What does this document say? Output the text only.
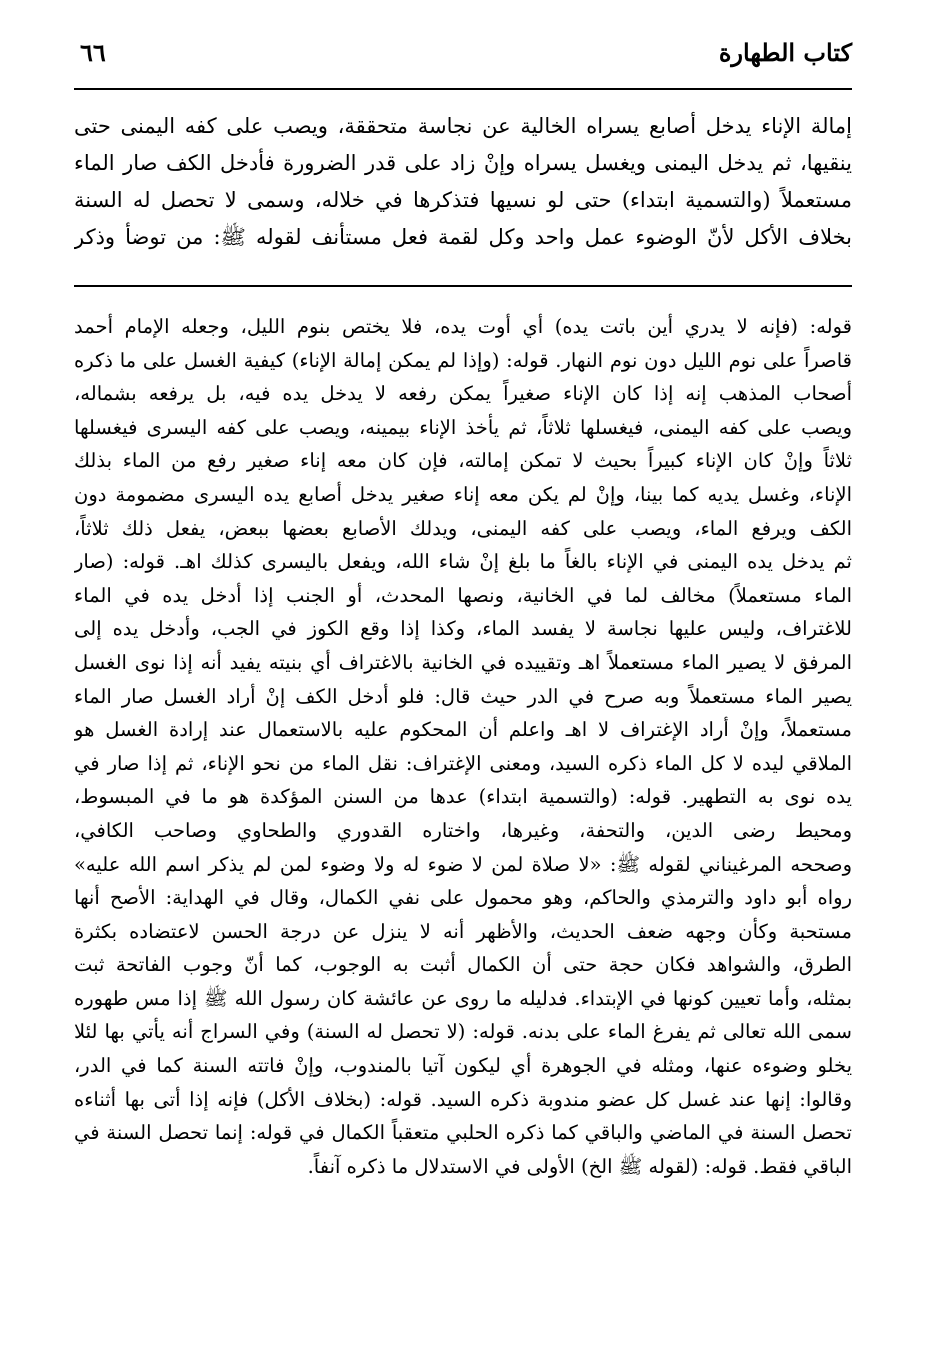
كتاب الطهارة
٦٦
إمالة الإناء يدخل أصابع يسراه الخالية عن نجاسة متحققة، ويصب على كفه اليمنى حتى
ينقيها، ثم يدخل اليمنى ويغسل يسراه وإنْ زاد على قدر الضرورة فأدخل الكف صار الماء
مستعملاً (والتسمية ابتداء) حتى لو نسيها فتذكرها في خلاله، وسمى لا تحصل له السنة
بخلاف الأكل لأنّ الوضوء عمل واحد وكل لقمة فعل مستأنف لقوله ﷺ: من توضأ وذكر
قوله: (فإنه لا يدري أين باتت يده) أي أوت يده، فلا يختص بنوم الليل، وجعله الإمام أحمد
قاصراً على نوم الليل دون نوم النهار. قوله: (وإذا لم يمكن إمالة الإناء) كيفية الغسل على ما ذكره
أصحاب المذهب إنه إذا كان الإناء صغيراً يمكن رفعه لا يدخل يده فيه، بل يرفعه بشماله،
ويصب على كفه اليمنى، فيغسلها ثلاثاً، ثم يأخذ الإناء بيمينه، ويصب على كفه اليسرى فيغسلها
ثلاثاً وإنْ كان الإناء كبيراً بحيث لا تمكن إمالته، فإن كان معه إناء صغير رفع من الماء بذلك
الإناء، وغسل يديه كما بينا، وإنْ لم يكن معه إناء صغير يدخل أصابع يده اليسرى مضمومة دون
الكف ويرفع الماء، ويصب على كفه اليمنى، ويدلك الأصابع بعضها ببعض، يفعل ذلك ثلاثاً،
ثم يدخل يده اليمنى في الإناء بالغاً ما بلغ إنْ شاء الله، ويفعل باليسرى كذلك اهـ. قوله: (صار
الماء مستعملاً) مخالف لما في الخانية، ونصها المحدث، أو الجنب إذا أدخل يده في الماء
للاغتراف، وليس عليها نجاسة لا يفسد الماء، وكذا إذا وقع الكوز في الجب، وأدخل يده إلى
المرفق لا يصير الماء مستعملاً اهـ وتقييده في الخانية بالاغتراف أي بنيته يفيد أنه إذا نوى الغسل
يصير الماء مستعملاً وبه صرح في الدر حيث قال: فلو أدخل الكف إنْ أراد الغسل صار الماء
مستعملاً، وإنْ أراد الإغتراف لا اهـ واعلم أن المحكوم عليه بالاستعمال عند إرادة الغسل هو
الملاقي ليده لا كل الماء ذكره السيد، ومعنى الإغتراف: نقل الماء من نحو الإناء، ثم إذا صار في
يده نوى به التطهير. قوله: (والتسمية ابتداء) عدها من السنن المؤكدة هو ما في المبسوط،
ومحيط رضى الدين، والتحفة، وغيرها، واختاره القدوري والطحاوي وصاحب الكافي،
وصححه المرغيناني لقوله ﷺ: «لا صلاة لمن لا ضوء له ولا وضوء لمن لم يذكر اسم الله عليه»
رواه أبو داود والترمذي والحاكم، وهو محمول على نفي الكمال، وقال في الهداية: الأصح أنها
مستحبة وكأن وجهه ضعف الحديث، والأظهر أنه لا ينزل عن درجة الحسن لاعتضاده بكثرة
الطرق، والشواهد فكان حجة حتى أن الكمال أثبت به الوجوب، كما أنّ وجوب الفاتحة ثبت
بمثله، وأما تعيين كونها في الإبتداء. فدليله ما روى عن عائشة كان رسول الله ﷺ إذا مس طهوره
سمى الله تعالى ثم يفرغ الماء على بدنه. قوله: (لا تحصل له السنة) وفي السراج أنه يأتي بها لئلا
يخلو وضوءه عنها، ومثله في الجوهرة أي ليكون آتيا بالمندوب، وإنْ فاتته السنة كما في الدر،
وقالوا: إنها عند غسل كل عضو مندوبة ذكره السيد. قوله: (بخلاف الأكل) فإنه إذا أتى بها أثناءه
تحصل السنة في الماضي والباقي كما ذكره الحلبي متعقباً الكمال في قوله: إنما تحصل السنة في
الباقي فقط. قوله: (لقوله ﷺ الخ) الأولى في الاستدلال ما ذكره آنفاً.
